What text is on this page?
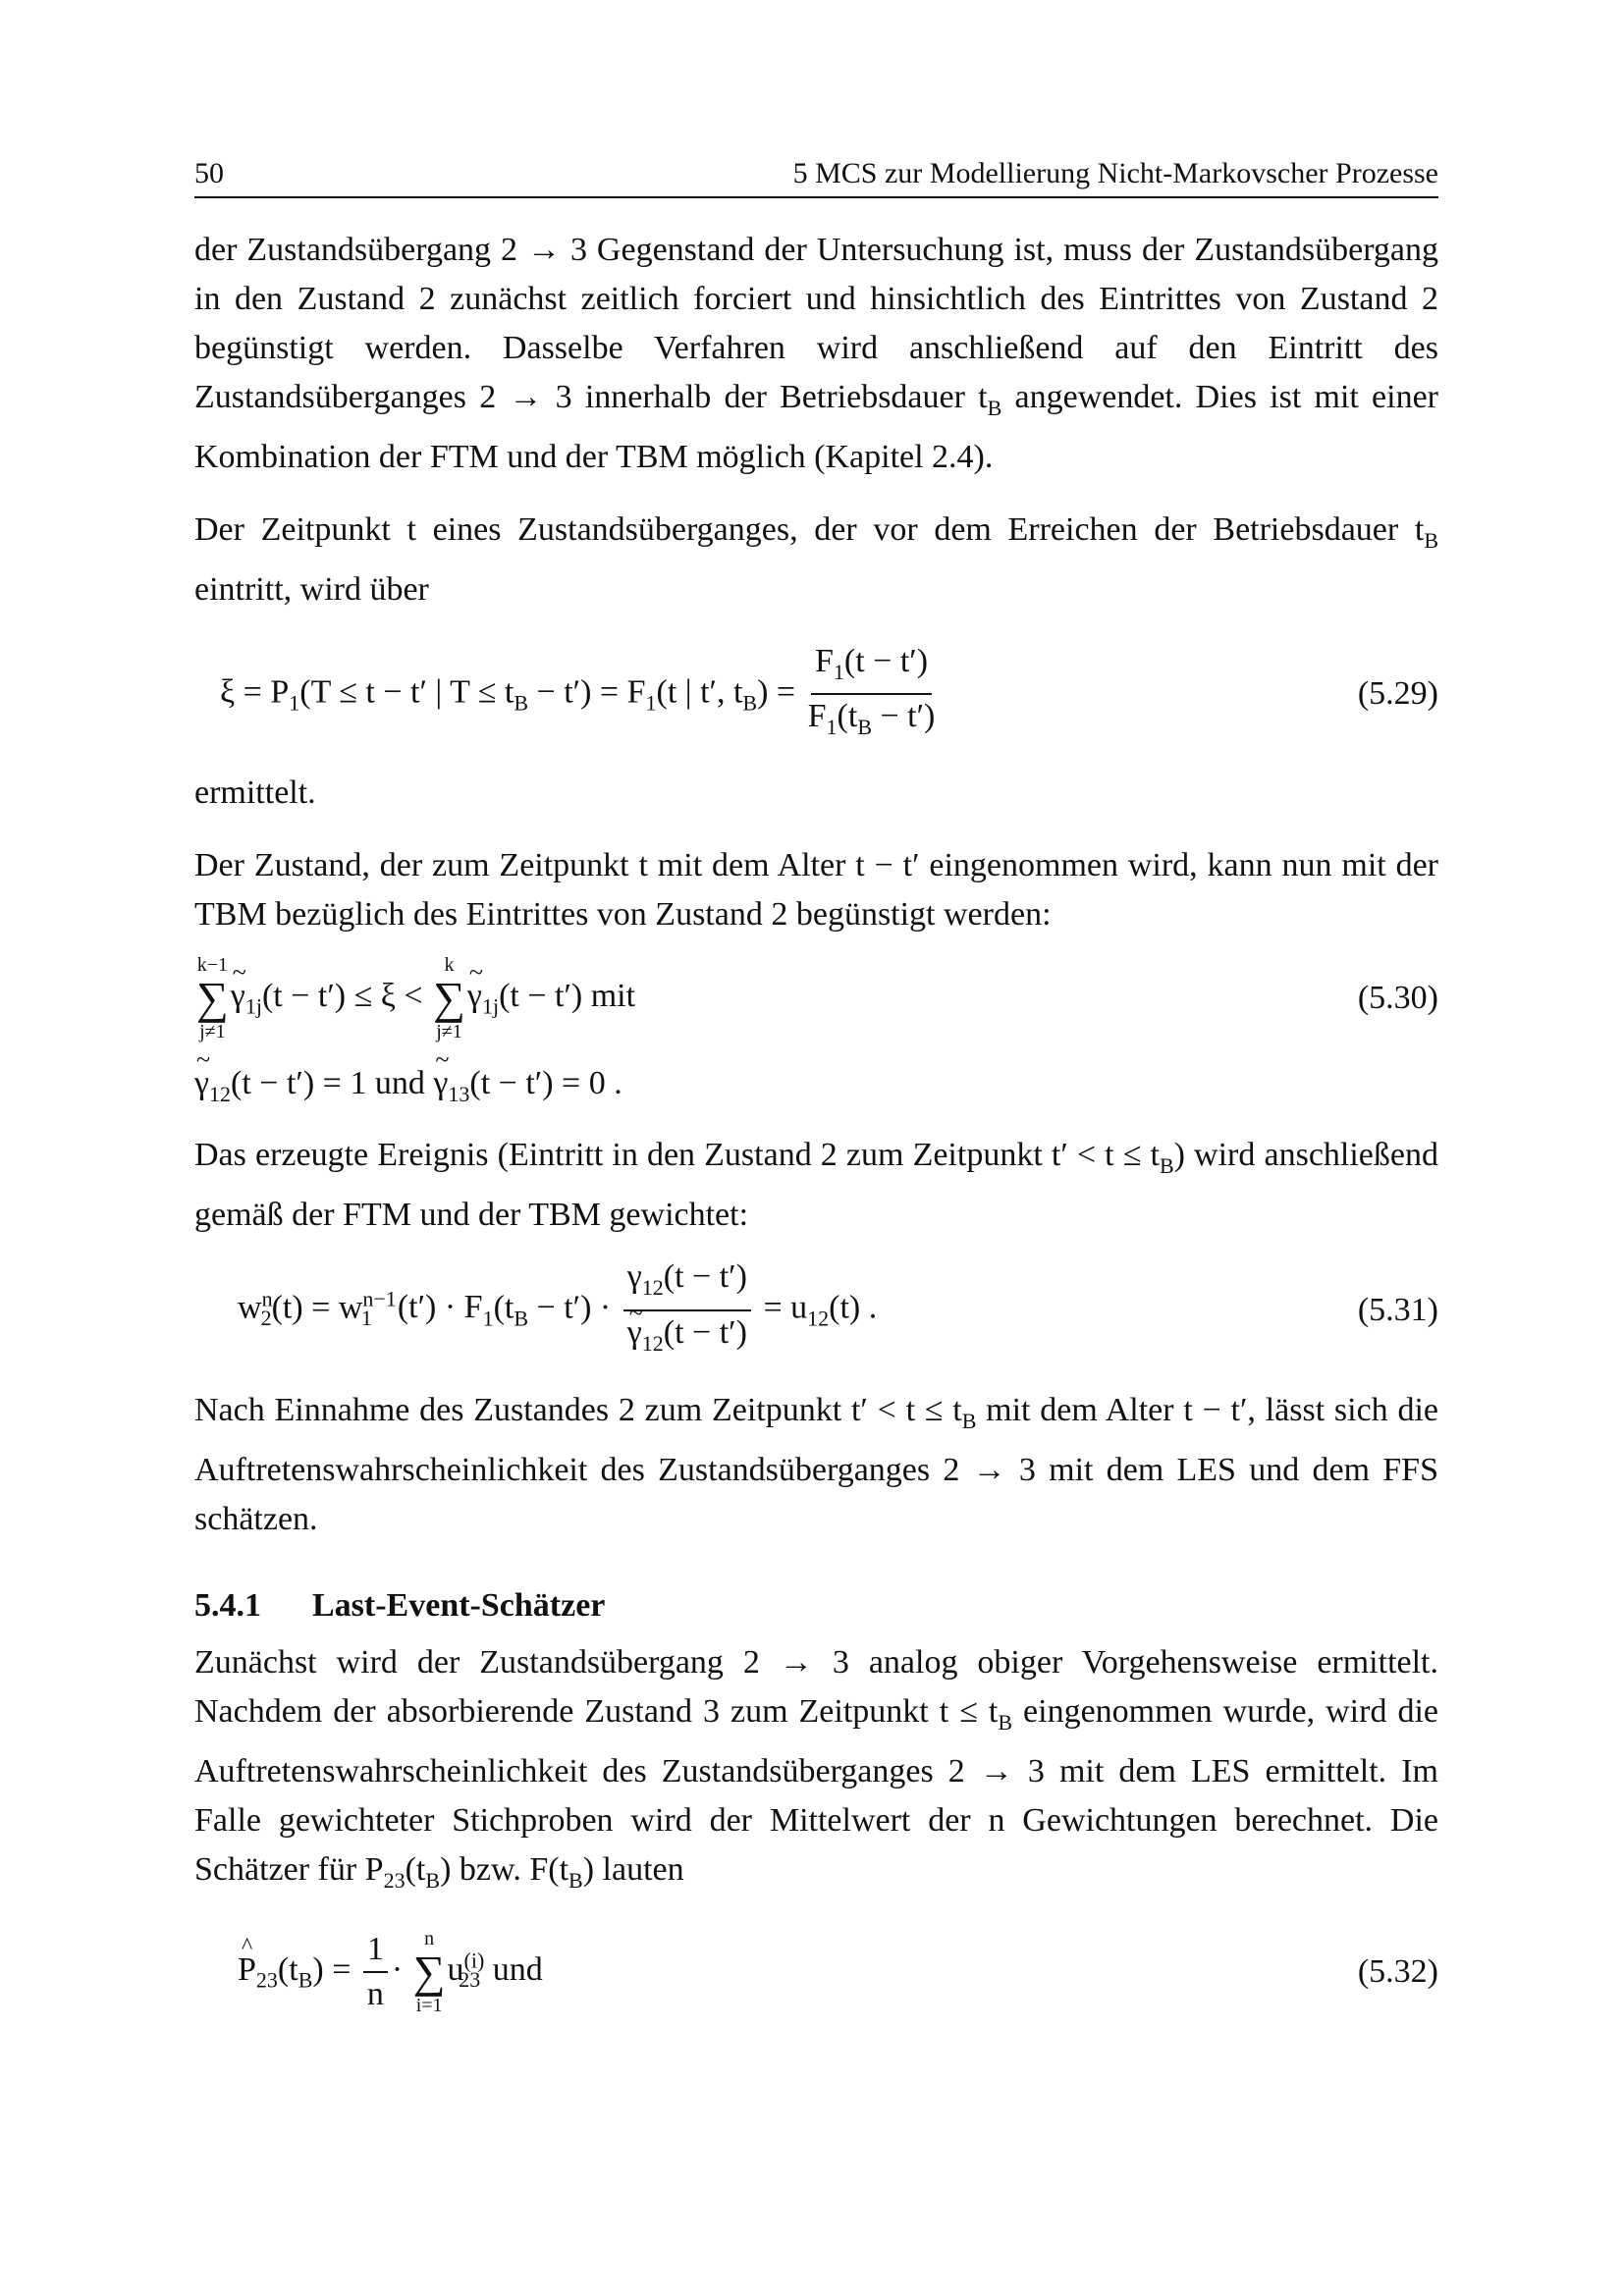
50	5 MCS zur Modellierung Nicht-Markovscher Prozesse

der Zustandsübergang 2 → 3 Gegenstand der Untersuchung ist, muss der Zustandsübergang in den Zustand 2 zunächst zeitlich forciert und hinsichtlich des Eintrittes von Zustand 2 begünstigt werden. Dasselbe Verfahren wird anschließend auf den Eintritt des Zustandsüberganges 2 → 3 innerhalb der Betriebsdauer $t_B$ angewendet. Dies ist mit einer Kombination der FTM und der TBM möglich (Kapitel 2.4).

Der Zeitpunkt t eines Zustandsüberganges, der vor dem Erreichen der Betriebsdauer $t_B$ eintritt, wird über

$\xi = P_1(T \le t - t'$ | $T \le t_B - t') = F_1(t$ | t′, $t_B) = \frac{F_1(t - t')}{F_1(t_B - t')}$	(5.29)

ermittelt.

Der Zustand, der zum Zeitpunkt t mit dem Alter t − t′ eingenommen wird, kann nun mit der TBM bezüglich des Eintrittes von Zustand 2 begünstigt werden:

k−1
∑
j≠1
~ $\gamma_{1j}(t - t') \le \xi$ <
k
∑
j≠1
~ $\gamma_{1j}(t - t')$ mit	(5.30)
~ $\gamma_{12}(t - t') = 1$ und ~ $\gamma_{13}(t - t') = 0$ .

Das erzeugte Ereignis (Eintritt in den Zustand 2 zum Zeitpunkt $t' < t \le t_B$) wird anschließend gemäß der FTM und der TBM gewichtet:

$w^n_2(t) = w^{n-1}_1$ $(t') \cdot F_1(t_B - t') \cdot \gamma_{12}(t - t')$
~ $\gamma_{12}(t - t') = u_{12}(t)$ .	(5.31)

Nach Einnahme des Zustandes 2 zum Zeitpunkt $t' < t \le t_B$ mit dem Alter t − t′, lässt sich die Auftretenswahrscheinlichkeit des Zustandsüberganges 2 → 3 mit dem LES und dem FFS schätzen.

5.4.1 Last-Event-Schätzer

Zunächst wird der Zustandsübergang 2 → 3 analog obiger Vorgehensweise ermittelt. Nachdem der absorbierende Zustand 3 zum Zeitpunkt $t \le t_B$ eingenommen wurde, wird die Auftretenswahrscheinlichkeit des Zustandsüberganges 2 → 3 mit dem LES ermittelt. Im Falle gewichteter Stichproben wird der Mittelwert der n Gewichtungen berechnet. Die Schätzer für $P_{23}(t_B)$ bzw. $F(t_B)$ lauten

^ $P_{23}(t_B) = \frac{1}{n}$ ·
n
∑
i=1
$u^{(i)}_{23}$ und	(5.32)
